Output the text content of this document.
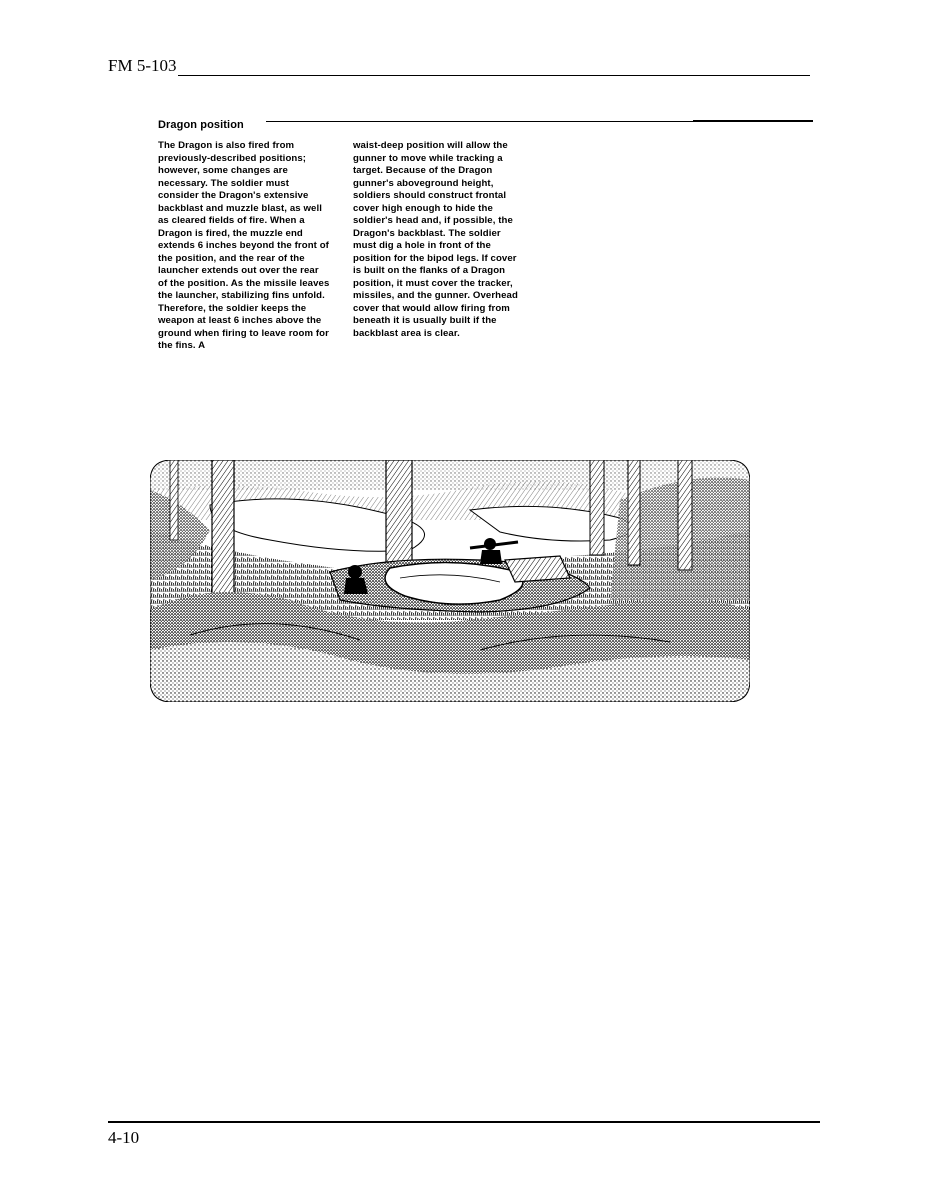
FM 5-103
Dragon position
The Dragon is also fired from previously-described positions; however, some changes are necessary. The soldier must consider the Dragon's extensive backblast and muzzle blast, as well as cleared fields of fire. When a Dragon is fired, the muzzle end extends 6 inches beyond the front of the position, and the rear of the launcher extends out over the rear of the position. As the missile leaves the launcher, stabilizing fins unfold. Therefore, the soldier keeps the weapon at least 6 inches above the ground when firing to leave room for the fins. A
waist-deep position will allow the gunner to move while tracking a target. Because of the Dragon gunner's aboveground height, soldiers should construct frontal cover high enough to hide the soldier's head and, if possible, the Dragon's backblast. The soldier must dig a hole in front of the position for the bipod legs. If cover is built on the flanks of a Dragon position, it must cover the tracker, missiles, and the gunner. Overhead cover that would allow firing from beneath it is usually built if the backblast area is clear.
4-10
